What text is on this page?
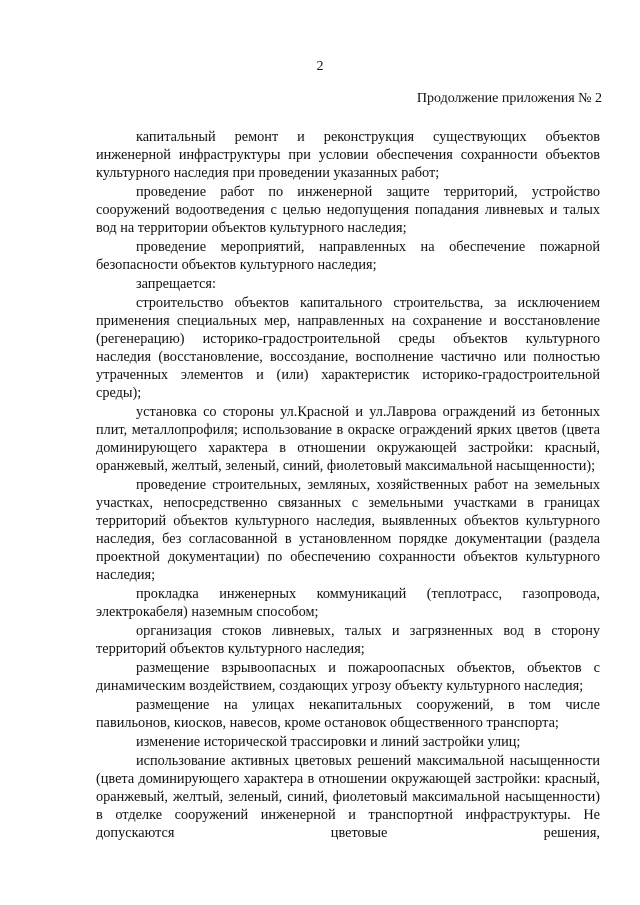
2
Продолжение приложения № 2

капитальный ремонт и реконструкция существующих объектов инженерной инфраструктуры при условии обеспечения сохранности объектов культурного наследия при проведении указанных работ;

проведение работ по инженерной защите территорий, устройство сооружений водоотведения с целью недопущения попадания ливневых и талых вод на территории объектов культурного наследия;

проведение мероприятий, направленных на обеспечение пожарной безопасности объектов культурного наследия;

запрещается:

строительство объектов капитального строительства, за исключением применения специальных мер, направленных на сохранение и восстановление (регенерацию) историко-градостроительной среды объектов культурного наследия (восстановление, воссоздание, восполнение частично или полностью утраченных элементов и (или) характеристик историко-градостроительной среды);

установка со стороны ул.Красной и ул.Лаврова ограждений из бетонных плит, металлопрофиля; использование в окраске ограждений ярких цветов (цвета доминирующего характера в отношении окружающей застройки: красный, оранжевый, желтый, зеленый, синий, фиолетовый максимальной насыщенности);

проведение строительных, земляных, хозяйственных работ на земельных участках, непосредственно связанных с земельными участками в границах территорий объектов культурного наследия, выявленных объектов культурного наследия, без согласованной в установленном порядке документации (раздела проектной документации) по обеспечению сохранности объектов культурного наследия;

прокладка инженерных коммуникаций (теплотрасс, газопровода, электрокабеля) наземным способом;

организация стоков ливневых, талых и загрязненных вод в сторону территорий объектов культурного наследия;

размещение взрывоопасных и пожароопасных объектов, объектов с динамическим воздействием, создающих угрозу объекту культурного наследия;

размещение на улицах некапитальных сооружений, в том числе павильонов, киосков, навесов, кроме остановок общественного транспорта;

изменение исторической трассировки и линий застройки улиц;

использование активных цветовых решений максимальной насыщенности (цвета доминирующего характера в отношении окружающей застройки: красный, оранжевый, желтый, зеленый, синий, фиолетовый максимальной насыщенности) в отделке сооружений инженерной и транспортной инфраструктуры. Не допускаются цветовые решения,
